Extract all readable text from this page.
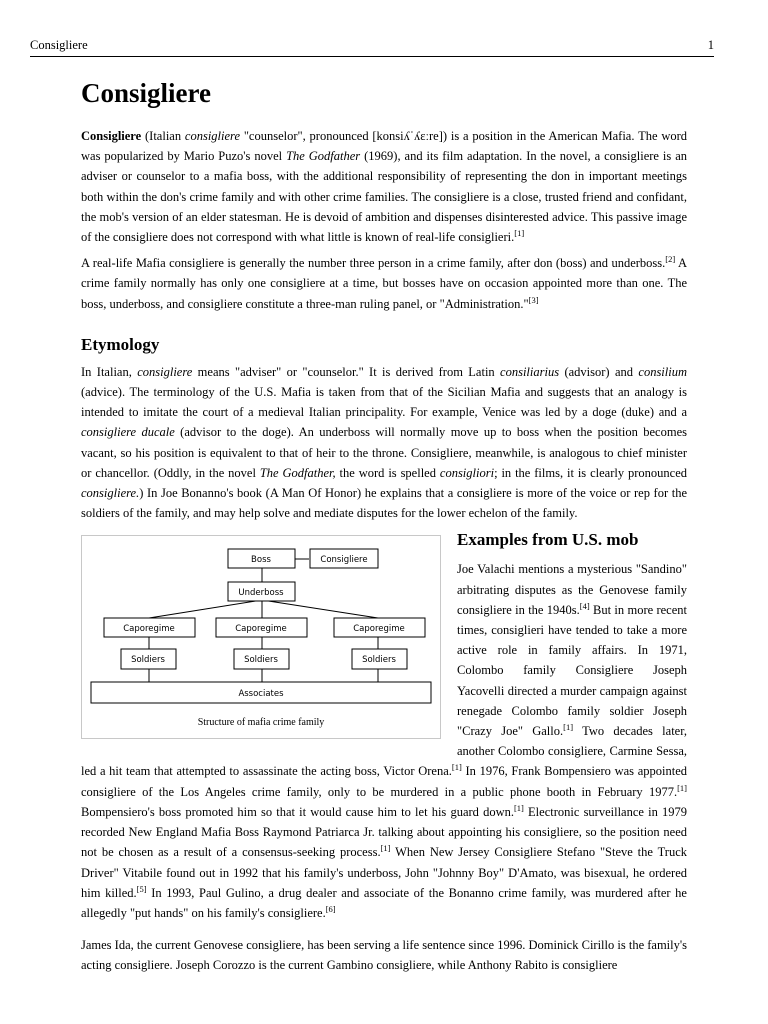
Consigliere	1
Consigliere

Consigliere (Italian consigliere "counselor", pronounced [konsiʎˈʎɛːre]) is a position in the American Mafia. The word was popularized by Mario Puzo's novel The Godfather (1969), and its film adaptation. In the novel, a consigliere is an adviser or counselor to a mafia boss, with the additional responsibility of representing the don in important meetings both within the don's crime family and with other crime families. The consigliere is a close, trusted friend and confidant, the mob's version of an elder statesman. He is devoid of ambition and dispenses disinterested advice. This passive image of the consigliere does not correspond with what little is known of real-life consiglieri.[1]

A real-life Mafia consigliere is generally the number three person in a crime family, after don (boss) and underboss.[2] A crime family normally has only one consigliere at a time, but bosses have on occasion appointed more than one. The boss, underboss, and consigliere constitute a three-man ruling panel, or "Administration."[3]

Etymology

In Italian, consigliere means "adviser" or "counselor." It is derived from Latin consiliarius (advisor) and consilium (advice). The terminology of the U.S. Mafia is taken from that of the Sicilian Mafia and suggests that an analogy is intended to imitate the court of a medieval Italian principality. For example, Venice was led by a doge (duke) and a consigliere ducale (advisor to the doge). An underboss will normally move up to boss when the position becomes vacant, so his position is equivalent to that of heir to the throne. Consigliere, meanwhile, is analogous to chief minister or chancellor. (Oddly, in the novel The Godfather, the word is spelled consigliori; in the films, it is clearly pronounced consigliere.) In Joe Bonanno's book (A Man Of Honor) he explains that a consigliere is more of the voice or rep for the soldiers of the family, and may help solve and mediate disputes for the lower echelon of the family.

Boss	Consigliere
Underboss
Caporegime	Caporegime	Caporegime
Soldiers	Soldiers	Soldiers
Associates
Structure of mafia crime family
Examples from U.S. mob

Joe Valachi mentions a mysterious "Sandino" arbitrating disputes as the Genovese family consigliere in the 1940s.[4] But in more recent times, consiglieri have tended to take a more active role in family affairs. In 1971, Colombo family Consigliere Joseph Yacovelli directed a murder campaign against renegade Colombo family soldier Joseph "Crazy Joe" Gallo.[1] Two decades later, another Colombo consigliere, Carmine Sessa, led a hit team that attempted to assassinate the acting boss, Victor Orena.[1] In 1976, Frank Bompensiero was appointed consigliere of the Los Angeles crime family, only to be murdered in a public phone booth in February 1977.[1] Bompensiero's boss promoted him so that it would cause him to let his guard down.[1] Electronic surveillance in 1979 recorded New England Mafia Boss Raymond Patriarca Jr. talking about appointing his consigliere, so the position need not be chosen as a result of a consensus-seeking process.[1] When New Jersey Consigliere Stefano "Steve the Truck Driver" Vitabile found out in 1992 that his family's underboss, John "Johnny Boy" D'Amato, was bisexual, he ordered him killed.[5] In 1993, Paul Gulino, a drug dealer and associate of the Bonanno crime family, was murdered after he allegedly "put hands" on his family's consigliere.[6]

James Ida, the current Genovese consigliere, has been serving a life sentence since 1996. Dominick Cirillo is the family's acting consigliere. Joseph Corozzo is the current Gambino consigliere, while Anthony Rabito is consigliere
